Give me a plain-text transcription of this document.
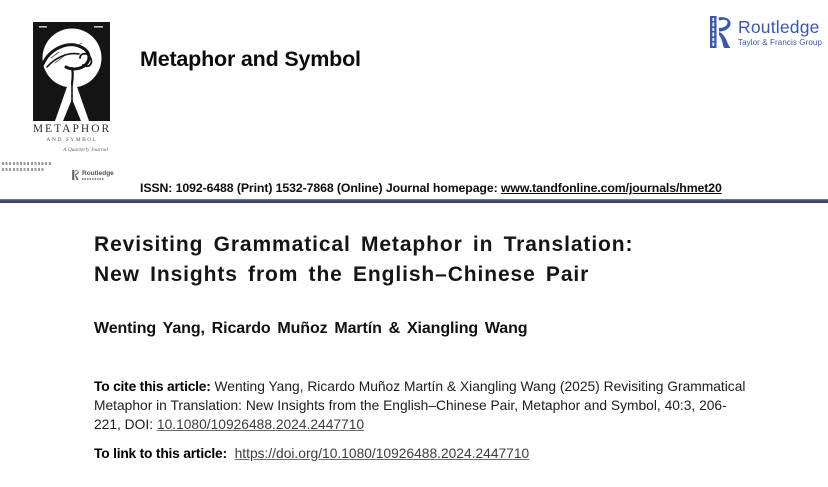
METAPHOR
AND SYMBOL
A Quarterly Journal
Routledge
Metaphor and Symbol
Routledge
Taylor & Francis Group
ISSN: 1092-6488 (Print) 1532-7868 (Online) Journal homepage: www.tandfonline.com/journals/hmet20
Revisiting Grammatical Metaphor in Translation:
New Insights from the English–Chinese Pair
Wenting Yang, Ricardo Muñoz Martín & Xiangling Wang
To cite this article: Wenting Yang, Ricardo Muñoz Martín & Xiangling Wang (2025) Revisiting Grammatical Metaphor in Translation: New Insights from the English–Chinese Pair, Metaphor and Symbol, 40:3, 206-221, DOI: 10.1080/10926488.2024.2447710
To link to this article: https://doi.org/10.1080/10926488.2024.2447710
